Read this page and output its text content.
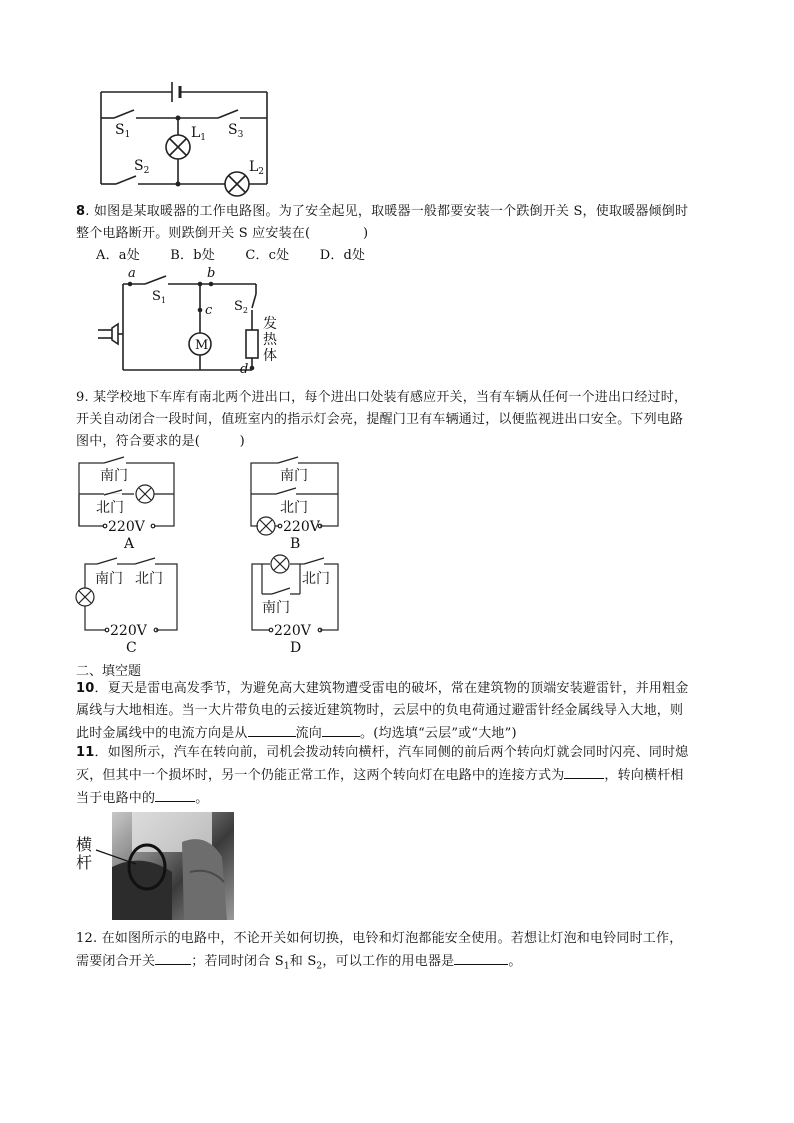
$S_1$	$L_1$ $S_3$
$S_2$	$L_2$
8. 如图是某取暖器的工作电路图。为了安全起见，取暖器一般都要安装一个跌倒开关 S，使取暖器倾倒时
整个电路断开。则跌倒开关 S 应安装在(　　　　)
A．a处 B．b处 C．c处 D．d处
a	b
c
d
$S_1$	$S_2$
M
发
热
体
9. 某学校地下车库有南北两个进出口，每个进出口处装有感应开关，当有车辆从任何一个进出口经过时，
开关自动闭合一段时间，值班室内的指示灯会亮，提醒门卫有车辆通过，以便监视进出口安全。下列电路
图中，符合要求的是(　　　)
南门
北门
220V
A
南门
北门
220V
B
南门 北门
220V
C
北门
南门
220V
D
二、填空题
10．夏天是雷电高发季节，为避免高大建筑物遭受雷电的破坏，常在建筑物的顶端安装避雷针，并用粗金
属线与大地相连。当一大片带负电的云接近建筑物时，云层中的负电荷通过避雷针经金属线导入大地，则
此时金属线中的电流方向是从	流向	。(均选填“云层”或“大地”)
11．如图所示，汽车在转向前，司机会拨动转向横杆，汽车同侧的前后两个转向灯就会同时闪亮、同时熄
灭，但其中一个损坏时，另一个仍能正常工作，这两个转向灯在电路中的连接方式为	，转向横杆相
当于电路中的	。
横
杆
12. 在如图所示的电路中，不论开关如何切换，电铃和灯泡都能安全使用。若想让灯泡和电铃同时工作，
需要闭合开关	；若同时闭合 $S_1$和 $S_2$，可以工作的用电器是	。
